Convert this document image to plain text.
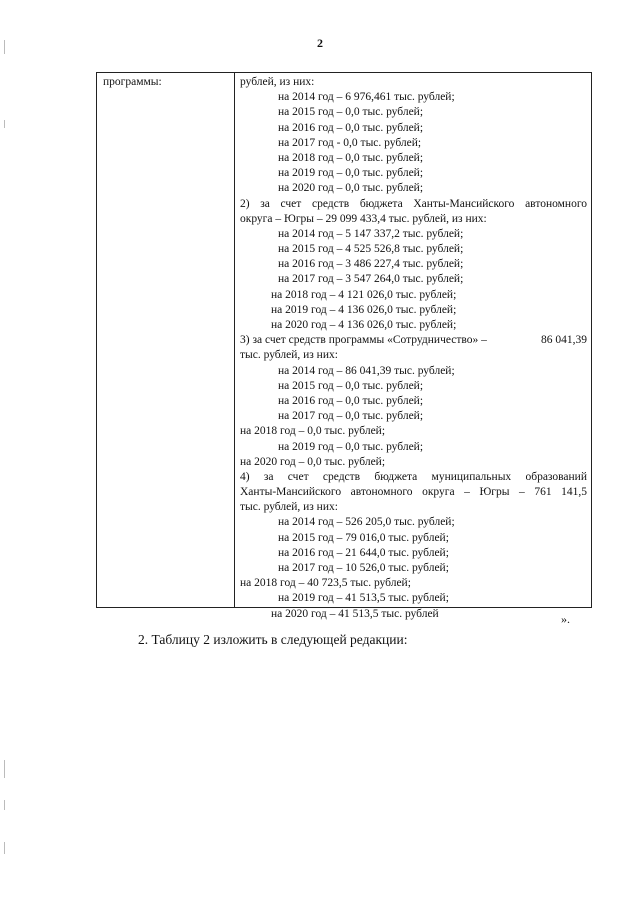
2
программы:	рублей, из них:
на 2014 год – 6 976,461 тыс. рублей;
на 2015 год – 0,0 тыс. рублей;
на 2016 год – 0,0 тыс. рублей;
на 2017 год - 0,0 тыс. рублей;
на 2018 год – 0,0 тыс. рублей;
на 2019 год – 0,0 тыс. рублей;
на 2020 год – 0,0 тыс. рублей;
2) за счет средств бюджета Ханты-Мансийского автономного
округа – Югры – 29 099 433,4 тыс. рублей, из них:
на 2014 год – 5 147 337,2 тыс. рублей;
на 2015 год – 4 525 526,8 тыс. рублей;
на 2016 год – 3 486 227,4 тыс. рублей;
на 2017 год – 3 547 264,0 тыс. рублей;
на 2018 год – 4 121 026,0 тыс. рублей;
на 2019 год – 4 136 026,0 тыс. рублей;
на 2020 год – 4 136 026,0 тыс. рублей;
3) за счет средств программы «Сотрудничество» –	86 041,39
тыс. рублей, из них:
на 2014 год – 86 041,39 тыс. рублей;
на 2015 год – 0,0 тыс. рублей;
на 2016 год – 0,0 тыс. рублей;
на 2017 год – 0,0 тыс. рублей;
на 2018 год – 0,0 тыс. рублей;
на 2019 год – 0,0 тыс. рублей;
на 2020 год – 0,0 тыс. рублей;
4) за счет средств бюджета муниципальных образований
Ханты-Мансийского автономного округа – Югры – 761 141,5
тыс. рублей, из них:
на 2014 год – 526 205,0 тыс. рублей;
на 2015 год – 79 016,0 тыс. рублей;
на 2016 год – 21 644,0 тыс. рублей;
на 2017 год – 10 526,0 тыс. рублей;
на 2018 год – 40 723,5 тыс. рублей;
на 2019 год – 41 513,5 тыс. рублей;
на 2020 год – 41 513,5 тыс. рублей	».
2. Таблицу 2 изложить в следующей редакции:
